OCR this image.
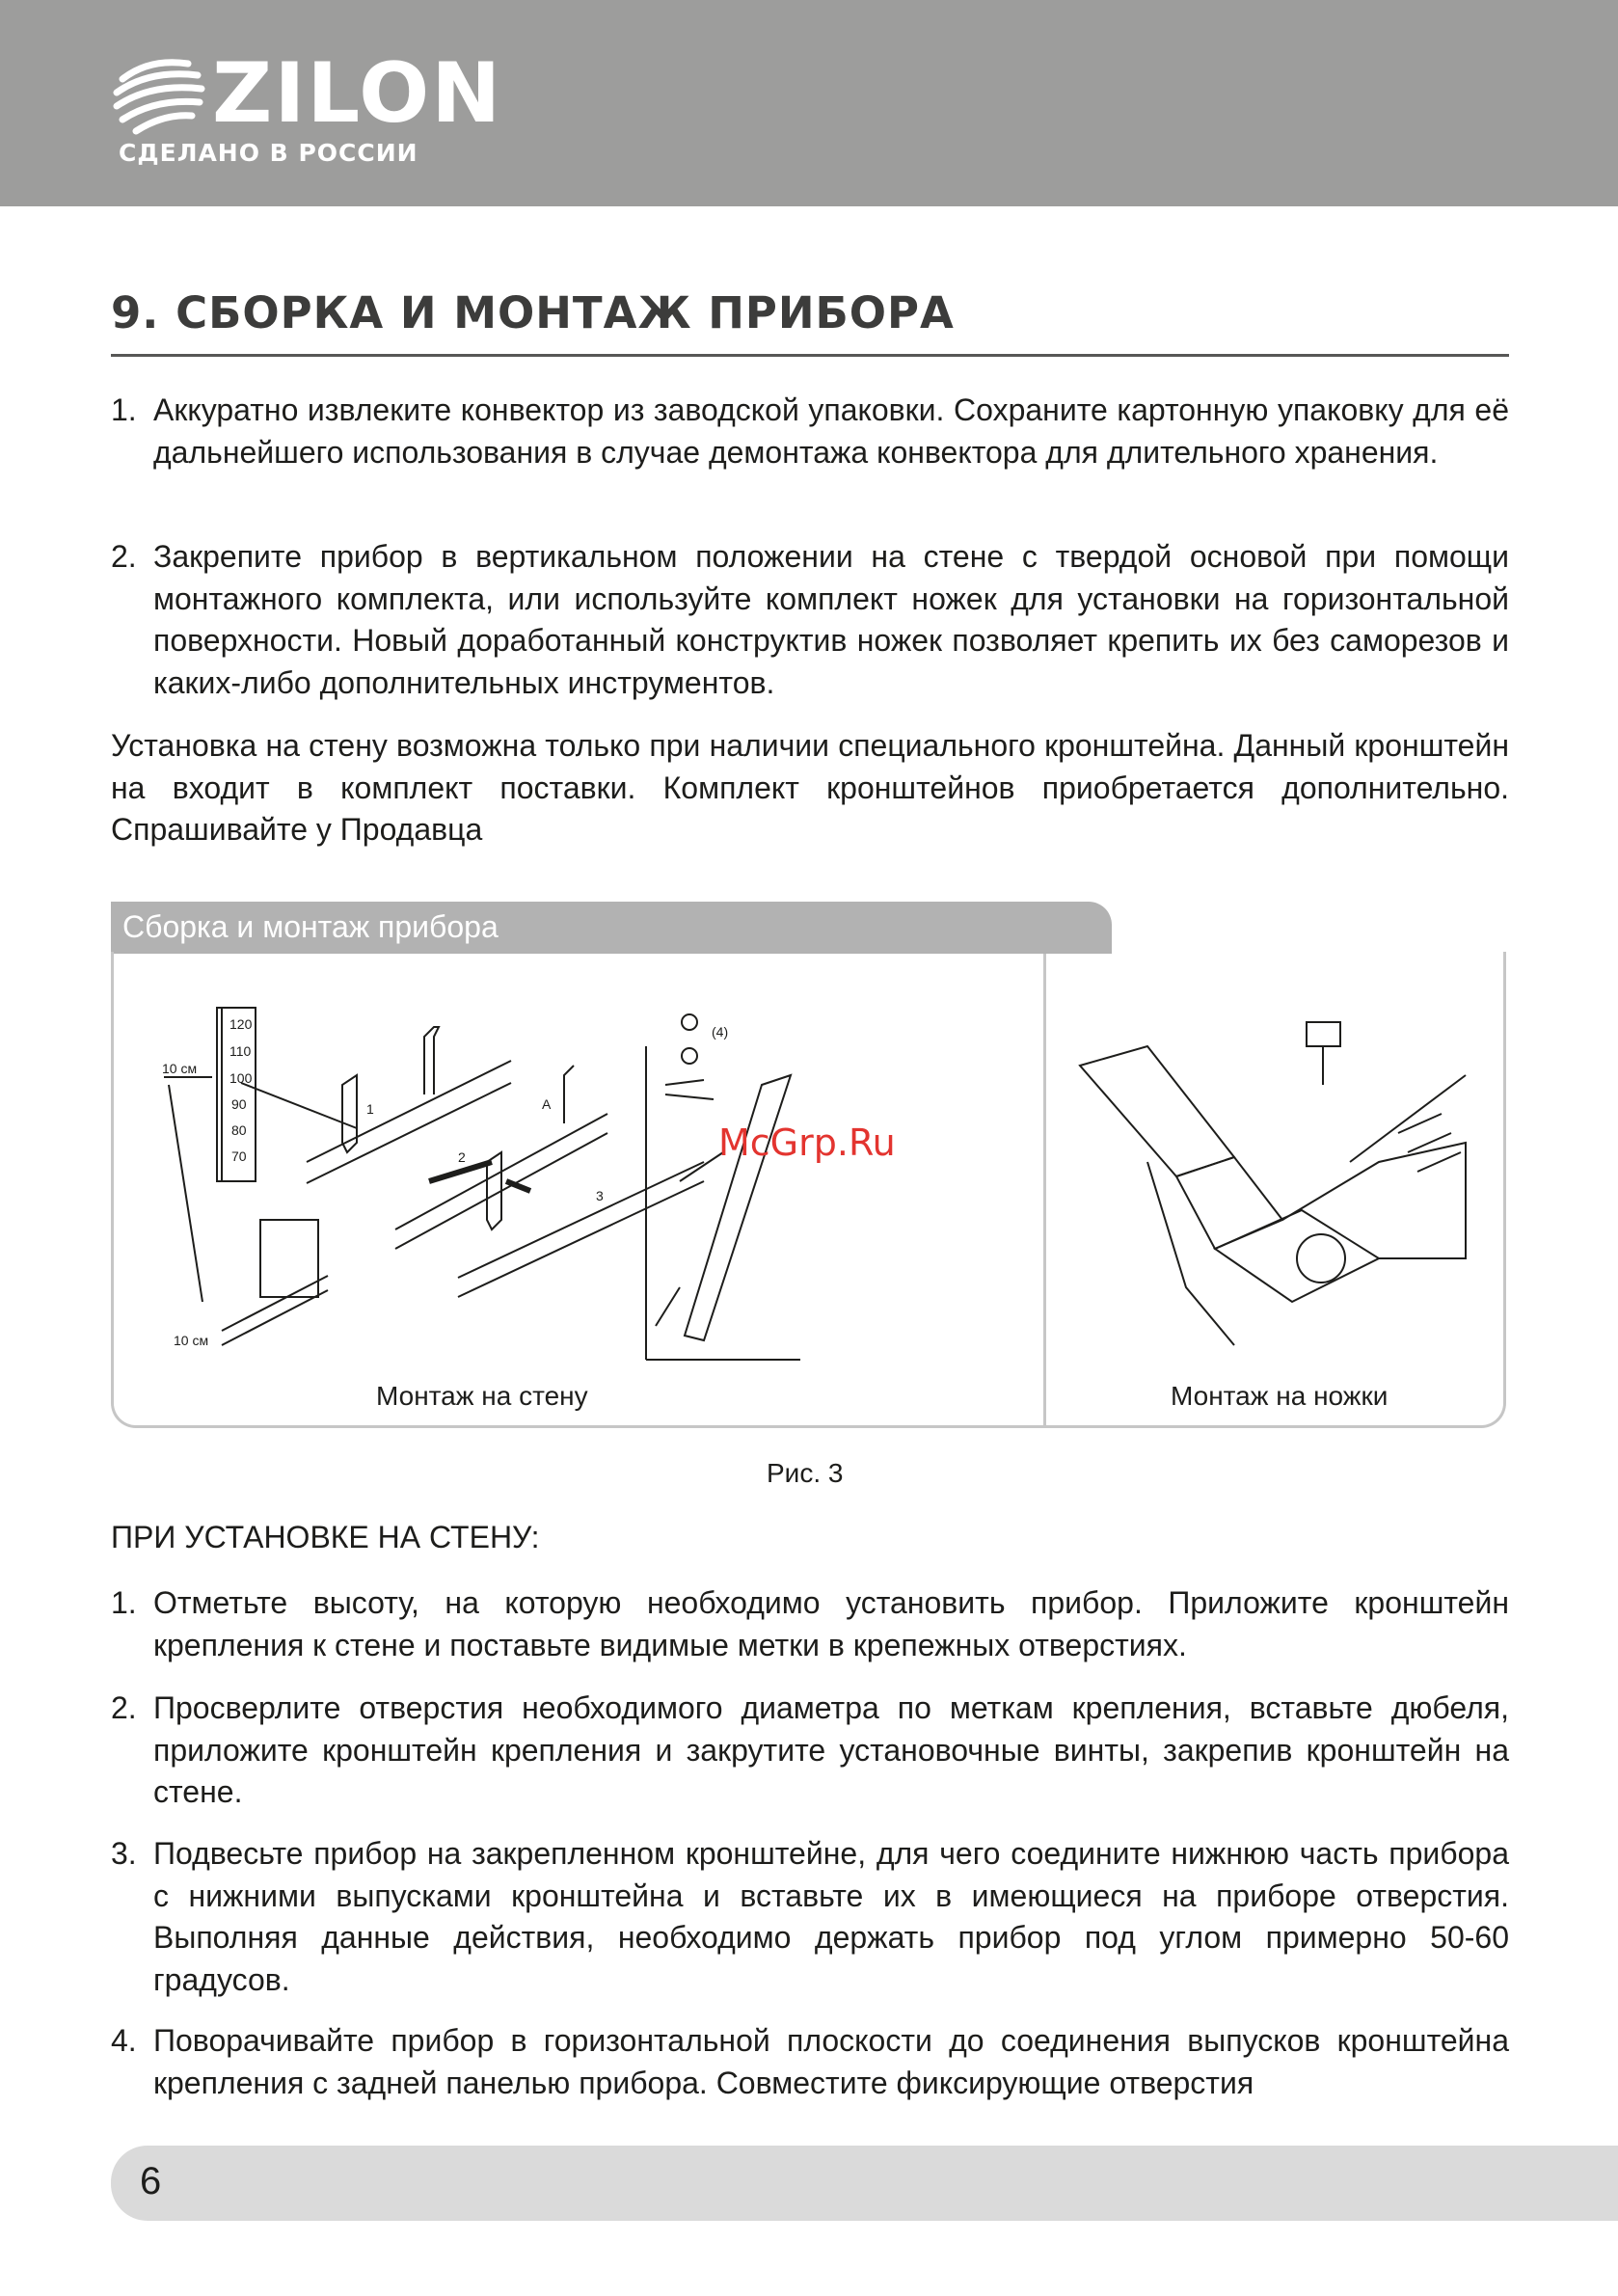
ZILON
СДЕЛАНО В РОССИИ
9. СБОРКА И МОНТАЖ ПРИБОРА
1. Аккуратно извлеките конвектор из заводской упаковки. Сохраните картонную упаковку для её дальнейшего использования в случае демонтажа конвектора для длительного хранения.
2. Закрепите прибор в вертикальном положении на стене с твердой основой при помощи монтажного комплекта, или используйте комплект ножек для установки на горизонтальной поверхности. Новый доработанный конструктив ножек позволяет крепить их без саморезов и каких-либо дополнительных инструментов.
Установка на стену возможна только при наличии специального кронштейна. Данный кронштейн на входит в комплект поставки. Комплект кронштейнов приобретается дополнительно. Спрашивайте у Продавца
Сборка и монтаж прибора
120
110
100
90
80
70
10 см
10 см
1
2
3
A
(4)
McGrp.Ru
Монтаж на стену	Монтаж на ножки
Рис. 3
ПРИ УСТАНОВКЕ НА СТЕНУ:
1. Отметьте высоту, на которую необходимо установить прибор. Приложите кронштейн крепления к стене и поставьте видимые метки в крепежных отверстиях.
2. Просверлите отверстия необходимого диаметра по меткам крепления, вставьте дюбеля, приложите кронштейн крепления и закрутите установочные винты, закрепив кронштейн на стене.
3. Подвесьте прибор на закрепленном кронштейне, для чего соедините нижнюю часть прибора с нижними выпусками кронштейна и вставьте их в имеющиеся на приборе отверстия. Выполняя данные действия, необходимо держать прибор под углом примерно 50-60 градусов.
4. Поворачивайте прибор в горизонтальной плоскости до соединения выпусков кронштейна крепления с задней панелью прибора. Совместите фиксирующие отверстия
6
